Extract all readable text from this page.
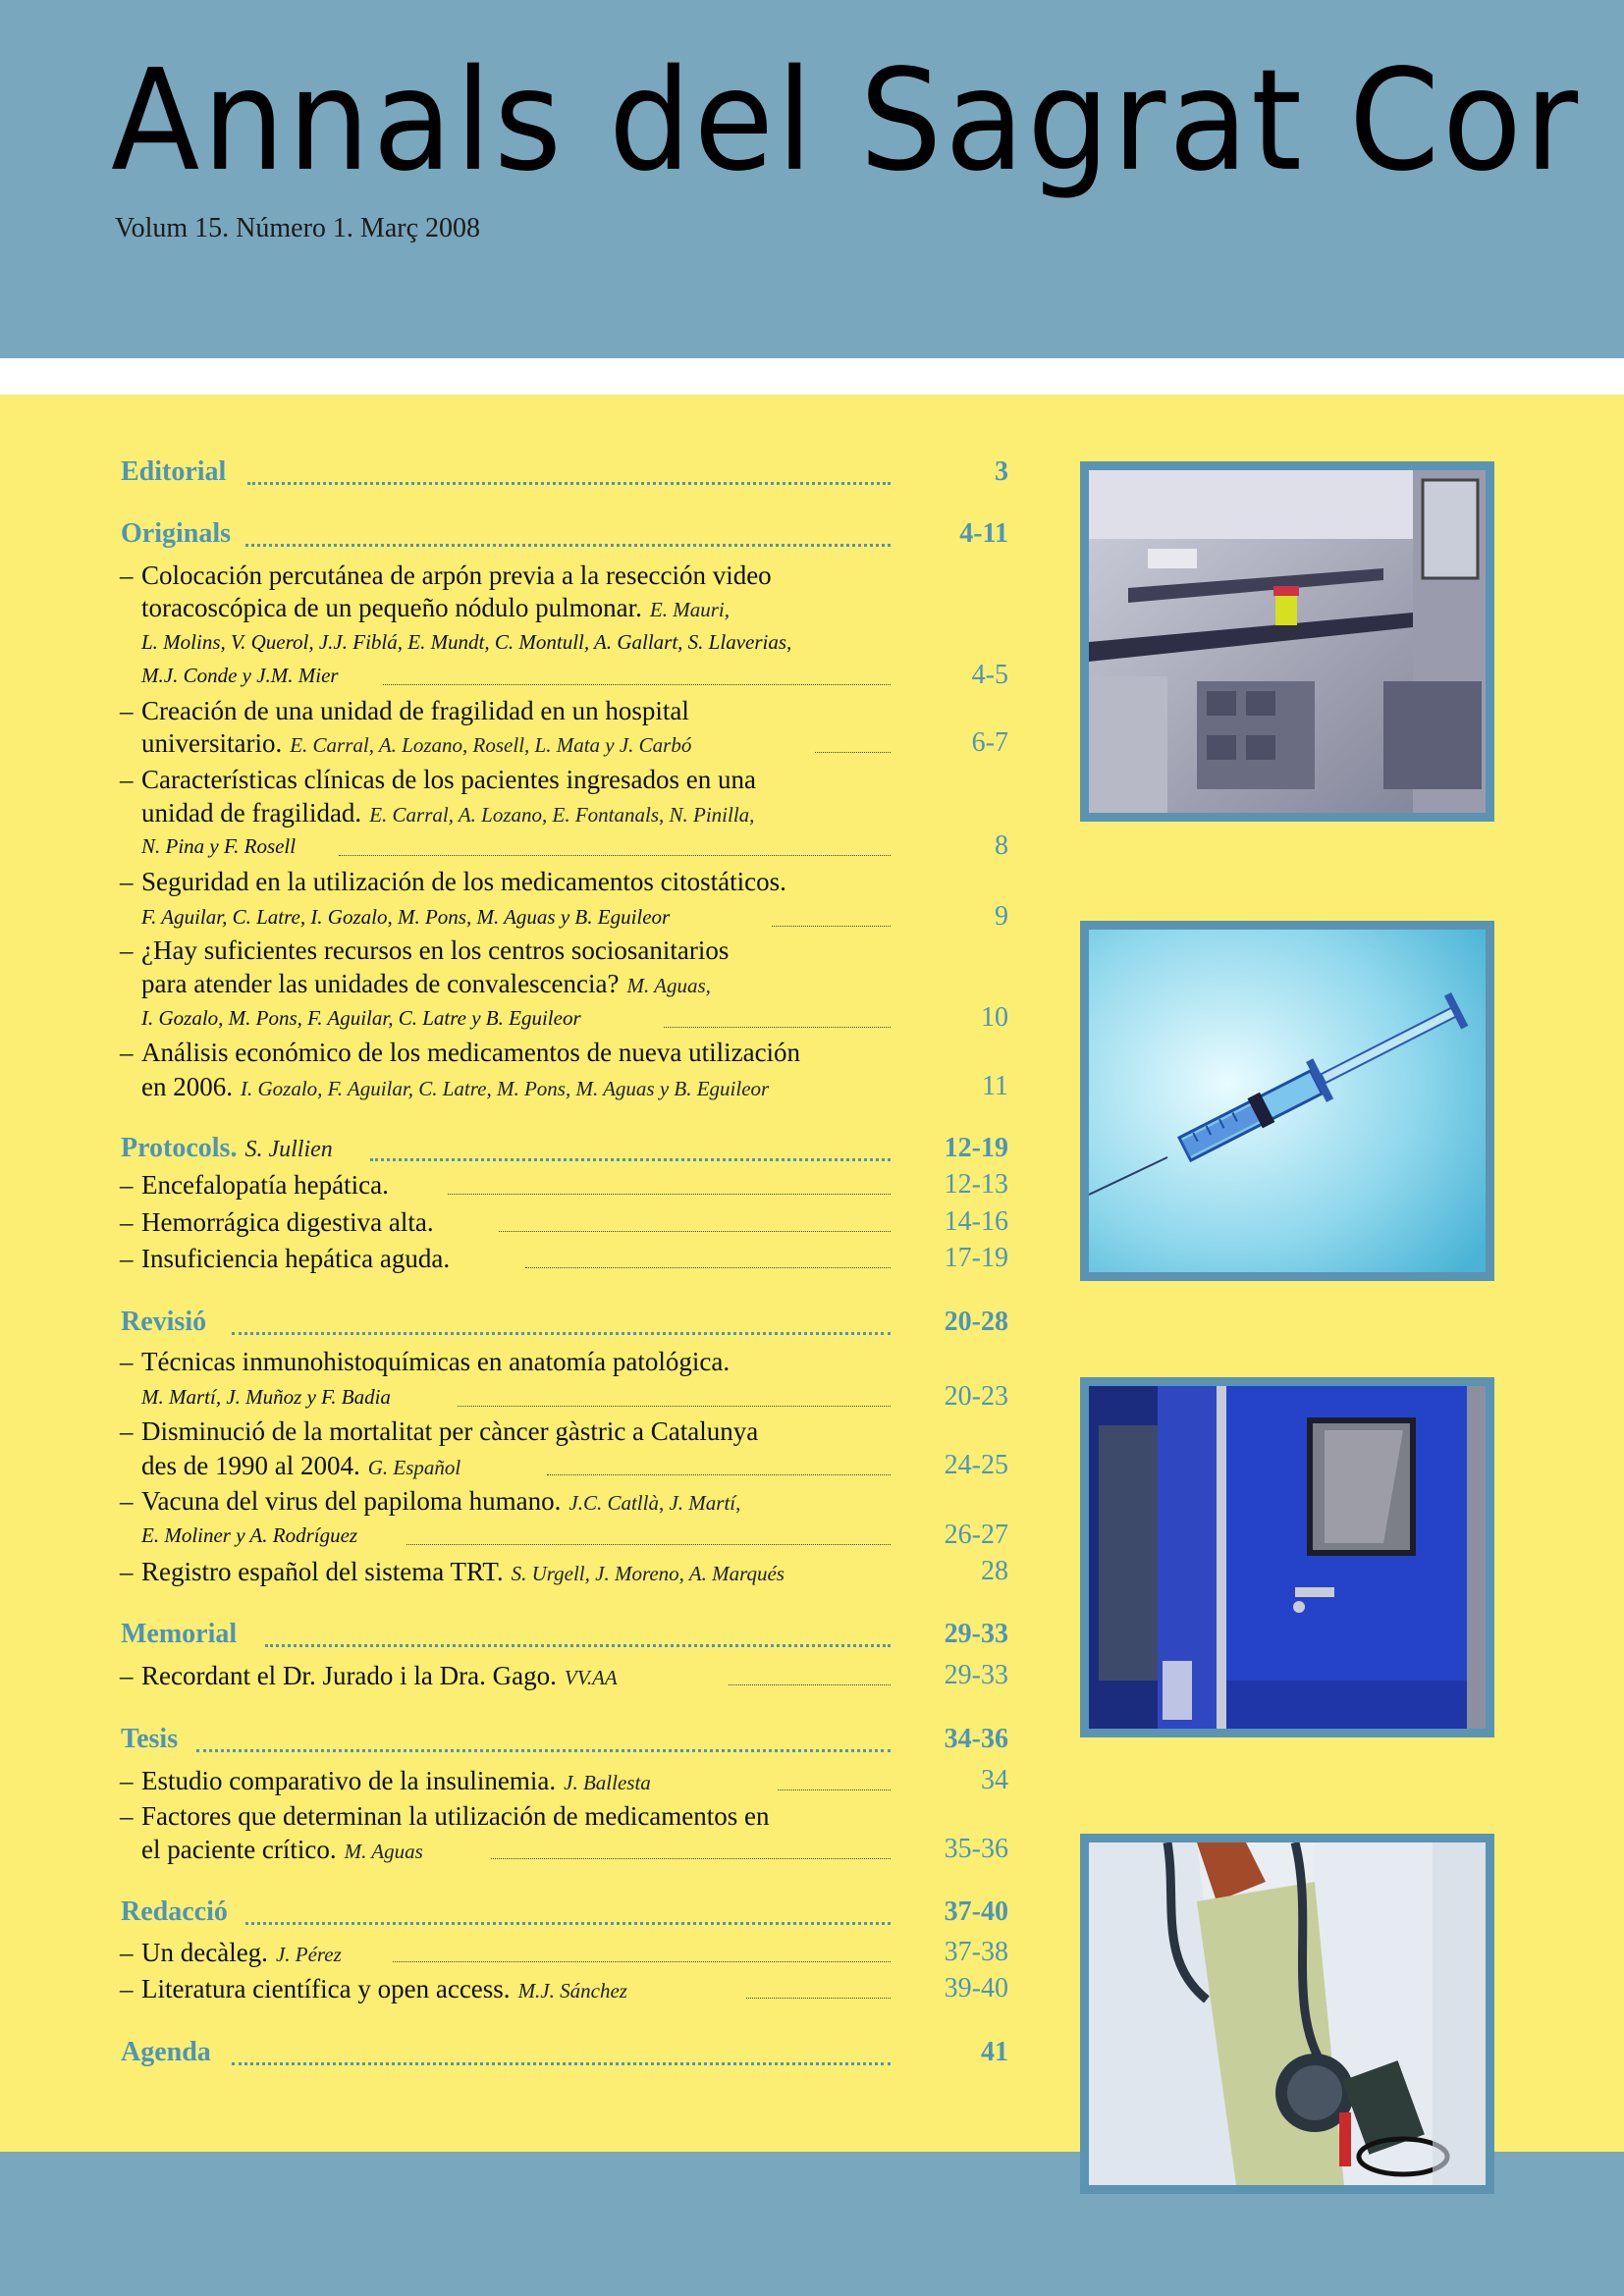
Annals del Sagrat Cor
Volum 15. Número 1. Març 2008
Editorial	3
Originals	4-11
– Colocación percutánea de arpón previa a la resección video
toracoscópica de un pequeño nódulo pulmonar. E. Mauri,
L. Molins, V. Querol, J.J. Fiblá, E. Mundt, C. Montull, A. Gallart, S. Llaverias,
M.J. Conde y J.M. Mier	4-5
– Creación de una unidad de fragilidad en un hospital
universitario. E. Carral, A. Lozano, Rosell, L. Mata y J. Carbó	6-7
– Características clínicas de los pacientes ingresados en una
unidad de fragilidad. E. Carral, A. Lozano, E. Fontanals, N. Pinilla,
N. Pina y F. Rosell	8
– Seguridad en la utilización de los medicamentos citostáticos.
F. Aguilar, C. Latre, I. Gozalo, M. Pons, M. Aguas y B. Eguileor	9
– ¿Hay suficientes recursos en los centros sociosanitarios
para atender las unidades de convalescencia? M. Aguas,
I. Gozalo, M. Pons, F. Aguilar, C. Latre y B. Eguileor	10
– Análisis económico de los medicamentos de nueva utilización
en 2006. I. Gozalo, F. Aguilar, C. Latre, M. Pons, M. Aguas y B. Eguileor	11
Protocols. S. Jullien	12-19
– Encefalopatía hepática.	12-13
– Hemorrágica digestiva alta.	14-16
– Insuficiencia hepática aguda.	17-19
Revisió	20-28
– Técnicas inmunohistoquímicas en anatomía patológica.
M. Martí, J. Muñoz y F. Badia	20-23
– Disminució de la mortalitat per càncer gàstric a Catalunya
des de 1990 al 2004. G. Español	24-25
– Vacuna del virus del papiloma humano. J.C. Catllà, J. Martí,
E. Moliner y A. Rodríguez	26-27
– Registro español del sistema TRT. S. Urgell, J. Moreno, A. Marqués	28
Memorial	29-33
– Recordant el Dr. Jurado i la Dra. Gago. VV.AA	29-33
Tesis	34-36
– Estudio comparativo de la insulinemia. J. Ballesta	34
– Factores que determinan la utilización de medicamentos en
el paciente crítico. M. Aguas	35-36
Redacció	37-40
– Un decàleg. J. Pérez	37-38
– Literatura científica y open access. M.J. Sánchez	39-40
Agenda	41
